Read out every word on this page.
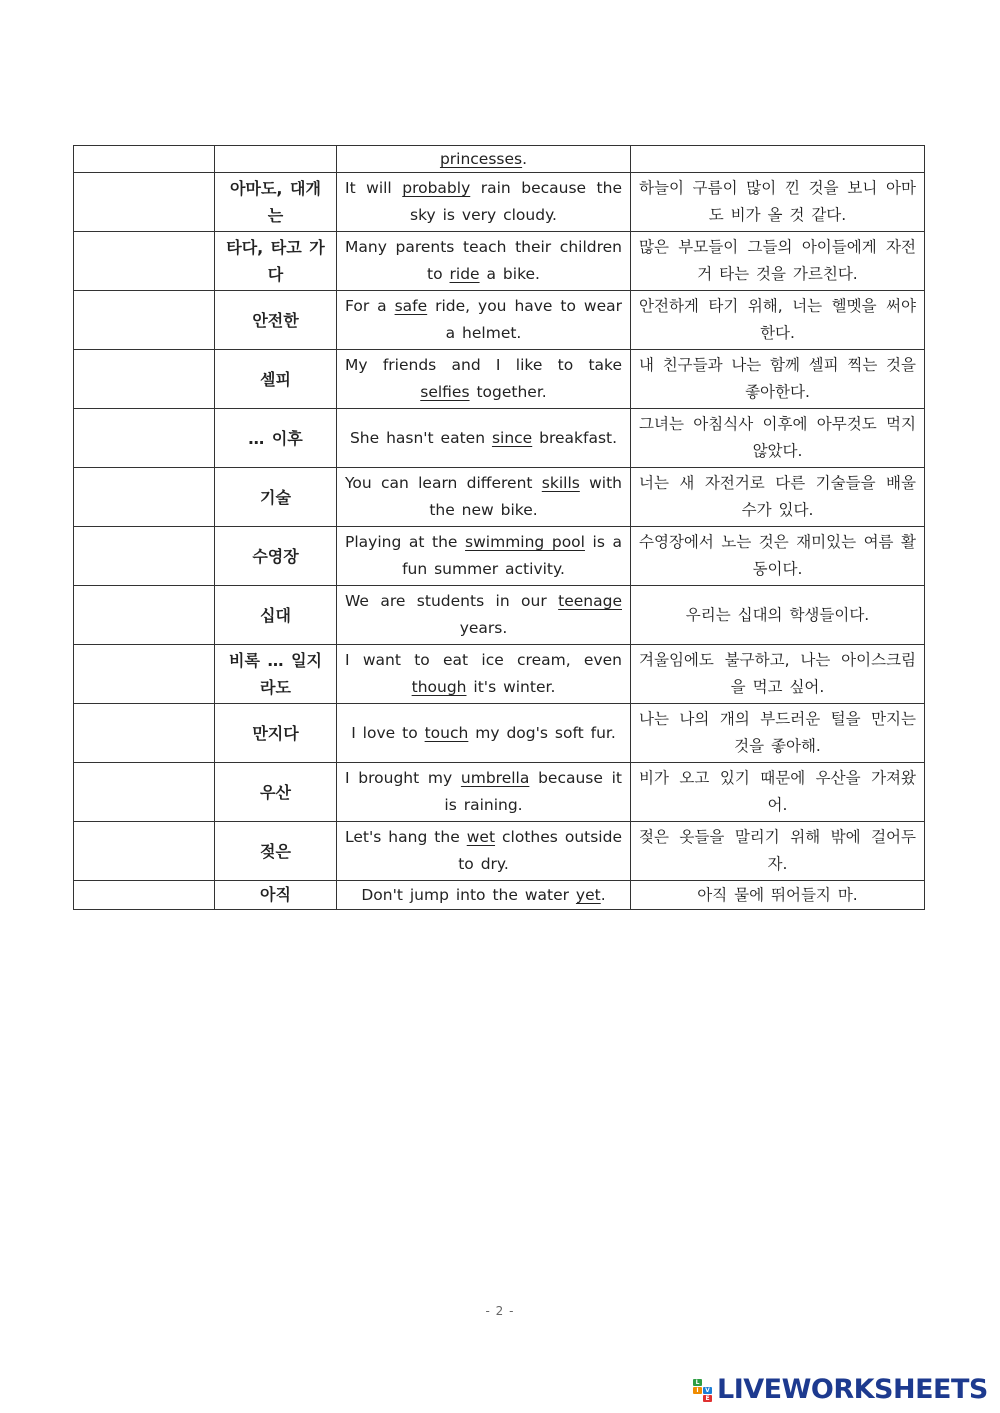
		princesses.	
	아마도, 대개는	It will probably rain because the sky is very cloudy.	하늘이 구름이 많이 낀 것을 보니 아마도 비가 올 것 같다.
	타다, 타고 가다	Many parents teach their children to ride a bike.	많은 부모들이 그들의 아이들에게 자전거 타는 것을 가르친다.
	안전한	For a safe ride, you have to wear a helmet.	안전하게 타기 위해, 너는 헬멧을 써야 한다.
	셀피	My friends and I like to take selfies together.	내 친구들과 나는 함께 셀피 찍는 것을 좋아한다.
	… 이후	She hasn't eaten since breakfast.	그녀는 아침식사 이후에 아무것도 먹지 않았다.
	기술	You can learn different skills with the new bike.	너는 새 자전거로 다른 기술들을 배울 수가 있다.
	수영장	Playing at the swimming pool is a fun summer activity.	수영장에서 노는 것은 재미있는 여름 활동이다.
	십대	We are students in our teenage years.	우리는 십대의 학생들이다.
	비록 … 일지라도	I want to eat ice cream, even though it's winter.	겨울임에도 불구하고, 나는 아이스크림을 먹고 싶어.
	만지다	I love to touch my dog's soft fur.	나는 나의 개의 부드러운 털을 만지는 것을 좋아해.
	우산	I brought my umbrella because it is raining.	비가 오고 있기 때문에 우산을 가져왔어.
	젖은	Let's hang the wet clothes outside to dry.	젖은 옷들을 말리기 위해 밖에 걸어두자.
	아직	Don't jump into the water yet.	아직 물에 뛰어들지 마.
- 2 -
L
I	V
E LIVEWORKSHEETS
